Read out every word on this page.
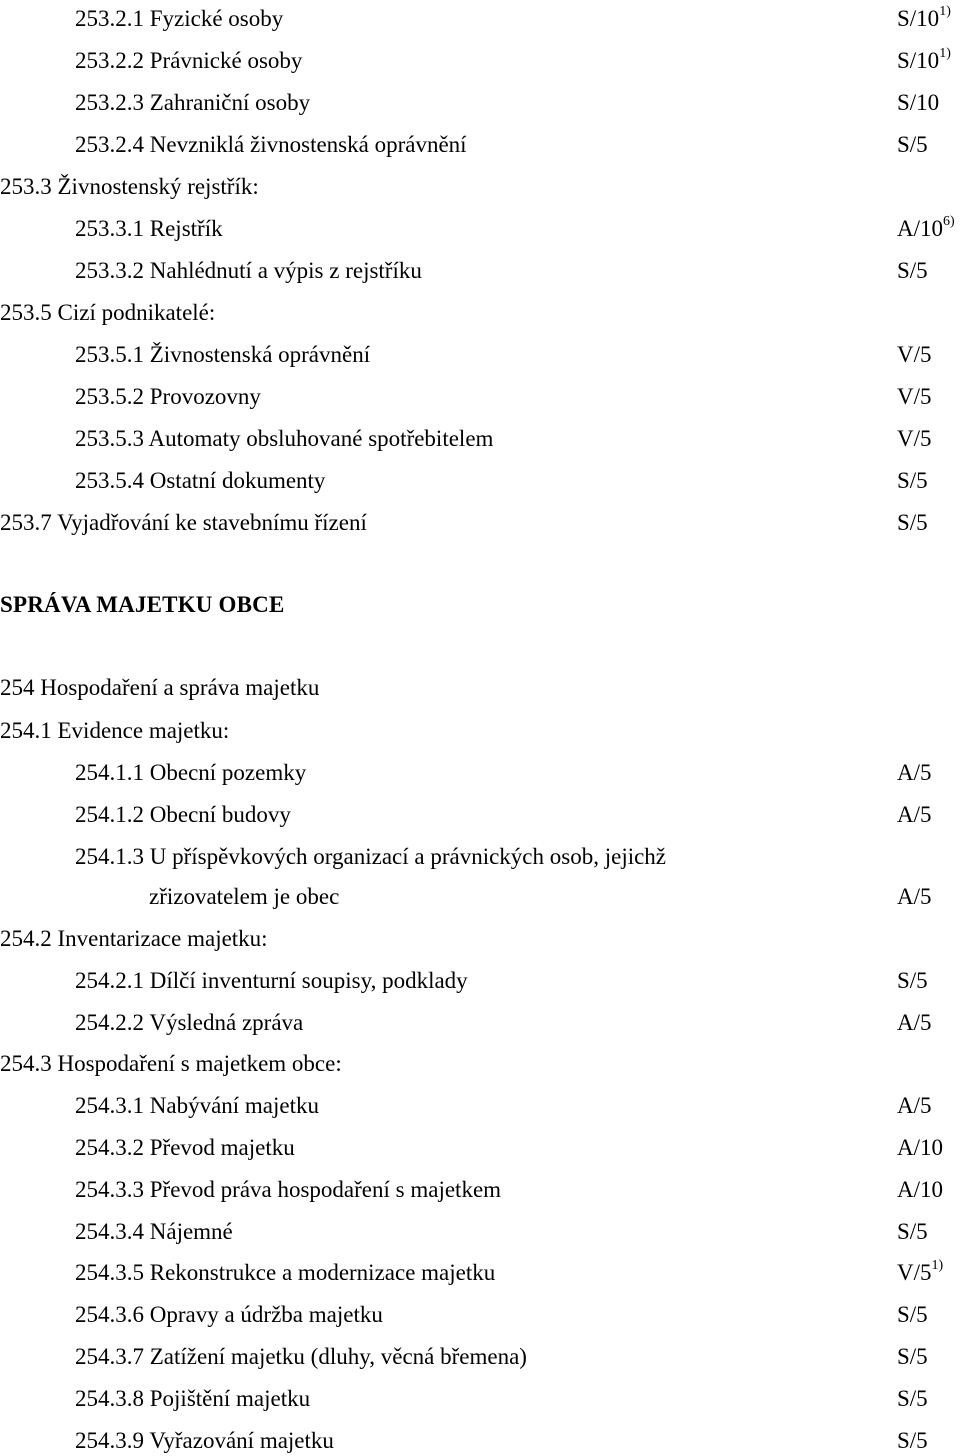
253.2.1 Fyzické osoby	S/10$^{1)}$
253.2.2 Právnické osoby	S/10$^{1)}$
253.2.3 Zahraniční osoby	S/10
253.2.4 Nevzniklá živnostenská oprávnění	S/5
253.3 Živnostenský rejstřík:
253.3.1 Rejstřík	A/10$^{6)}$
253.3.2 Nahlédnutí a výpis z rejstříku	S/5
253.5 Cizí podnikatelé:
253.5.1 Živnostenská oprávnění	V/5
253.5.2 Provozovny	V/5
253.5.3 Automaty obsluhované spotřebitelem	V/5
253.5.4 Ostatní dokumenty	S/5
253.7 Vyjadřování ke stavebnímu řízení	S/5
SPRÁVA MAJETKU OBCE
254 Hospodaření a správa majetku
254.1 Evidence majetku:
254.1.1 Obecní pozemky	A/5
254.1.2 Obecní budovy	A/5
254.1.3 U příspěvkových organizací a právnických osob, jejichž
zřizovatelem je obec	A/5
254.2 Inventarizace majetku:
254.2.1 Dílčí inventurní soupisy, podklady	S/5
254.2.2 Výsledná zpráva	A/5
254.3 Hospodaření s majetkem obce:
254.3.1 Nabývání majetku	A/5
254.3.2 Převod majetku	A/10
254.3.3 Převod práva hospodaření s majetkem	A/10
254.3.4 Nájemné	S/5
254.3.5 Rekonstrukce a modernizace majetku	V/5$^{1)}$
254.3.6 Opravy a údržba majetku	S/5
254.3.7 Zatížení majetku (dluhy, věcná břemena)	S/5
254.3.8 Pojištění majetku	S/5
254.3.9 Vyřazování majetku	S/5
